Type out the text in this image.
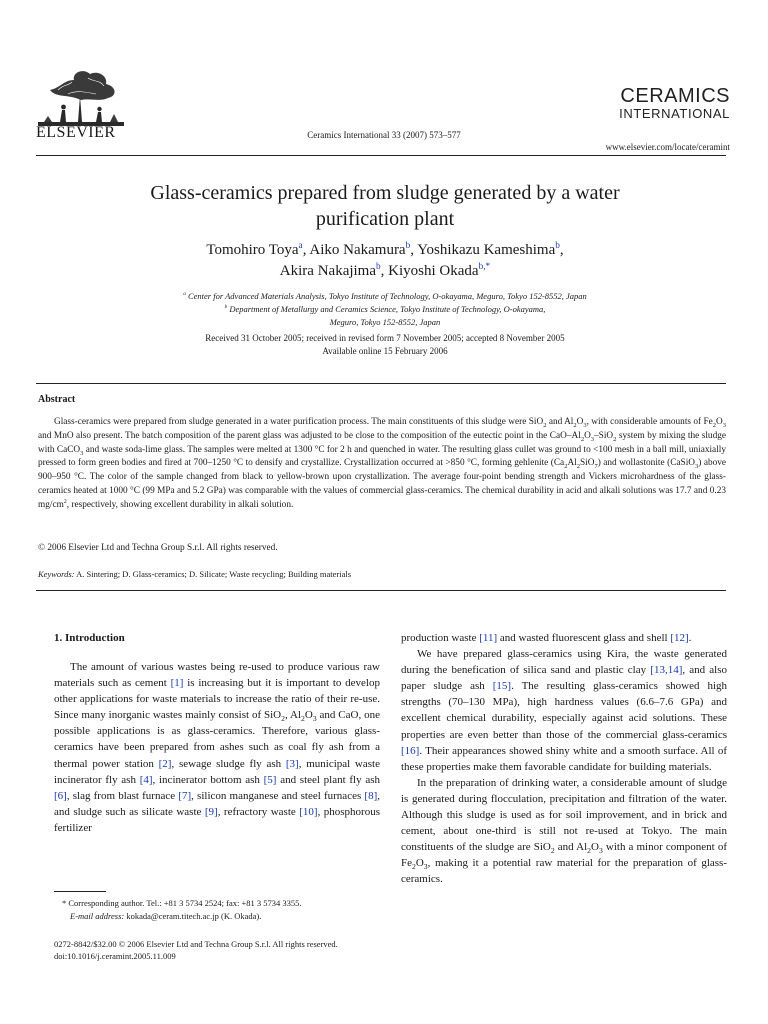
ELSEVIER	Ceramics International 33 (2007) 573–577
CERAMICS
INTERNATIONAL
www.elsevier.com/locate/ceramint
Glass-ceramics prepared from sludge generated by a water
purification plant
Tomohiro Toya$^a$, Aiko Nakamura$^b$, Yoshikazu Kameshima$^b$,
Akira Nakajima$^b$, Kiyoshi Okada$^{b,*}$
$^a$ Center for Advanced Materials Analysis, Tokyo Institute of Technology, O-okayama, Meguro, Tokyo 152-8552, Japan
$^b$ Department of Metallurgy and Ceramics Science, Tokyo Institute of Technology, O-okayama,
Meguro, Tokyo 152-8552, Japan
Received 31 October 2005; received in revised form 7 November 2005; accepted 8 November 2005
Available online 15 February 2006
Abstract
Glass-ceramics were prepared from sludge generated in a water purification process. The main constituents of this sludge were SiO$_2$ and $Al_2O_3$, with considerable amounts of $Fe_2O_3$ and MnO also present. The batch composition of the parent glass was adjusted to be close to the composition of the eutectic point in the CaO–$Al_2O_3-SiO_2$ system by mixing the sludge with CaCO$_3$ and waste soda-lime glass. The samples were melted at 1300 °C for 2 h and quenched in water. The resulting glass cullet was ground to <100 mesh in a ball mill, uniaxially pressed to form green bodies and fired at 700–1250 °C to densify and crystallize. Crystallization occurred at >850 °C, forming gehlenite $(Ca_2Al_2SiO_7)$ and wollastonite (CaSiO$_3$) above 900–950 °C. The color of the sample changed from black to yellow-brown upon crystallization. The average four-point bending strength and Vickers microhardness of the glass-ceramics heated at 1000 °C (99 MPa and 5.2 GPa) was comparable with the values of commercial glass-ceramics. The chemical durability in acid and alkali solutions was 17.7 and 0.23 $mg/cm^2$, respectively, showing excellent durability in alkali solution.
© 2006 Elsevier Ltd and Techna Group S.r.l. All rights reserved.
Keywords: A. Sintering; D. Glass-ceramics; D. Silicate; Waste recycling; Building materials
1. Introduction

The amount of various wastes being re-used to produce various raw materials such as cement [1] is increasing but it is important to develop other applications for waste materials to increase the ratio of their re-use. Since many inorganic wastes mainly consist of SiO$_2$, $Al_2O_3$ and CaO, one possible applications is as glass-ceramics. Therefore, various glass-ceramics have been prepared from ashes such as coal fly ash from a thermal power station [2], sewage sludge fly ash [3], municipal waste incinerator fly ash [4], incinerator bottom ash [5] and steel plant fly ash [6], slag from blast furnace [7], silicon manganese and steel furnaces [8], and sludge such as silicate waste [9], refractory waste [10], phosphorous fertilizer

production waste [11] and wasted fluorescent glass and shell [12].

We have prepared glass-ceramics using Kira, the waste generated during the benefication of silica sand and plastic clay [13,14], and also paper sludge ash [15]. The resulting glass-ceramics showed high strengths (70–130 MPa), high hardness values (6.6–7.6 GPa) and excellent chemical durability, especially against acid solutions. These properties are even better than those of the commercial glass-ceramics [16]. Their appearances showed shiny white and a smooth surface. All of these properties make them favorable candidate for building materials.

In the preparation of drinking water, a considerable amount of sludge is generated during flocculation, precipitation and filtration of the water. Although this sludge is used as for soil improvement, and in brick and cement, about one-third is still not re-used at Tokyo. The main constituents of the sludge are SiO$_2$ and $Al_2O_3$ with a minor component of $Fe_2O_3$, making it a potential raw material for the preparation of glass-ceramics.

* Corresponding author. Tel.: +81 3 5734 2524; fax: +81 3 5734 3355.
E-mail address: kokada@ceram.titech.ac.jp (K. Okada).
0272-8842/$32.00 © 2006 Elsevier Ltd and Techna Group S.r.l. All rights reserved.
doi:10.1016/j.ceramint.2005.11.009
